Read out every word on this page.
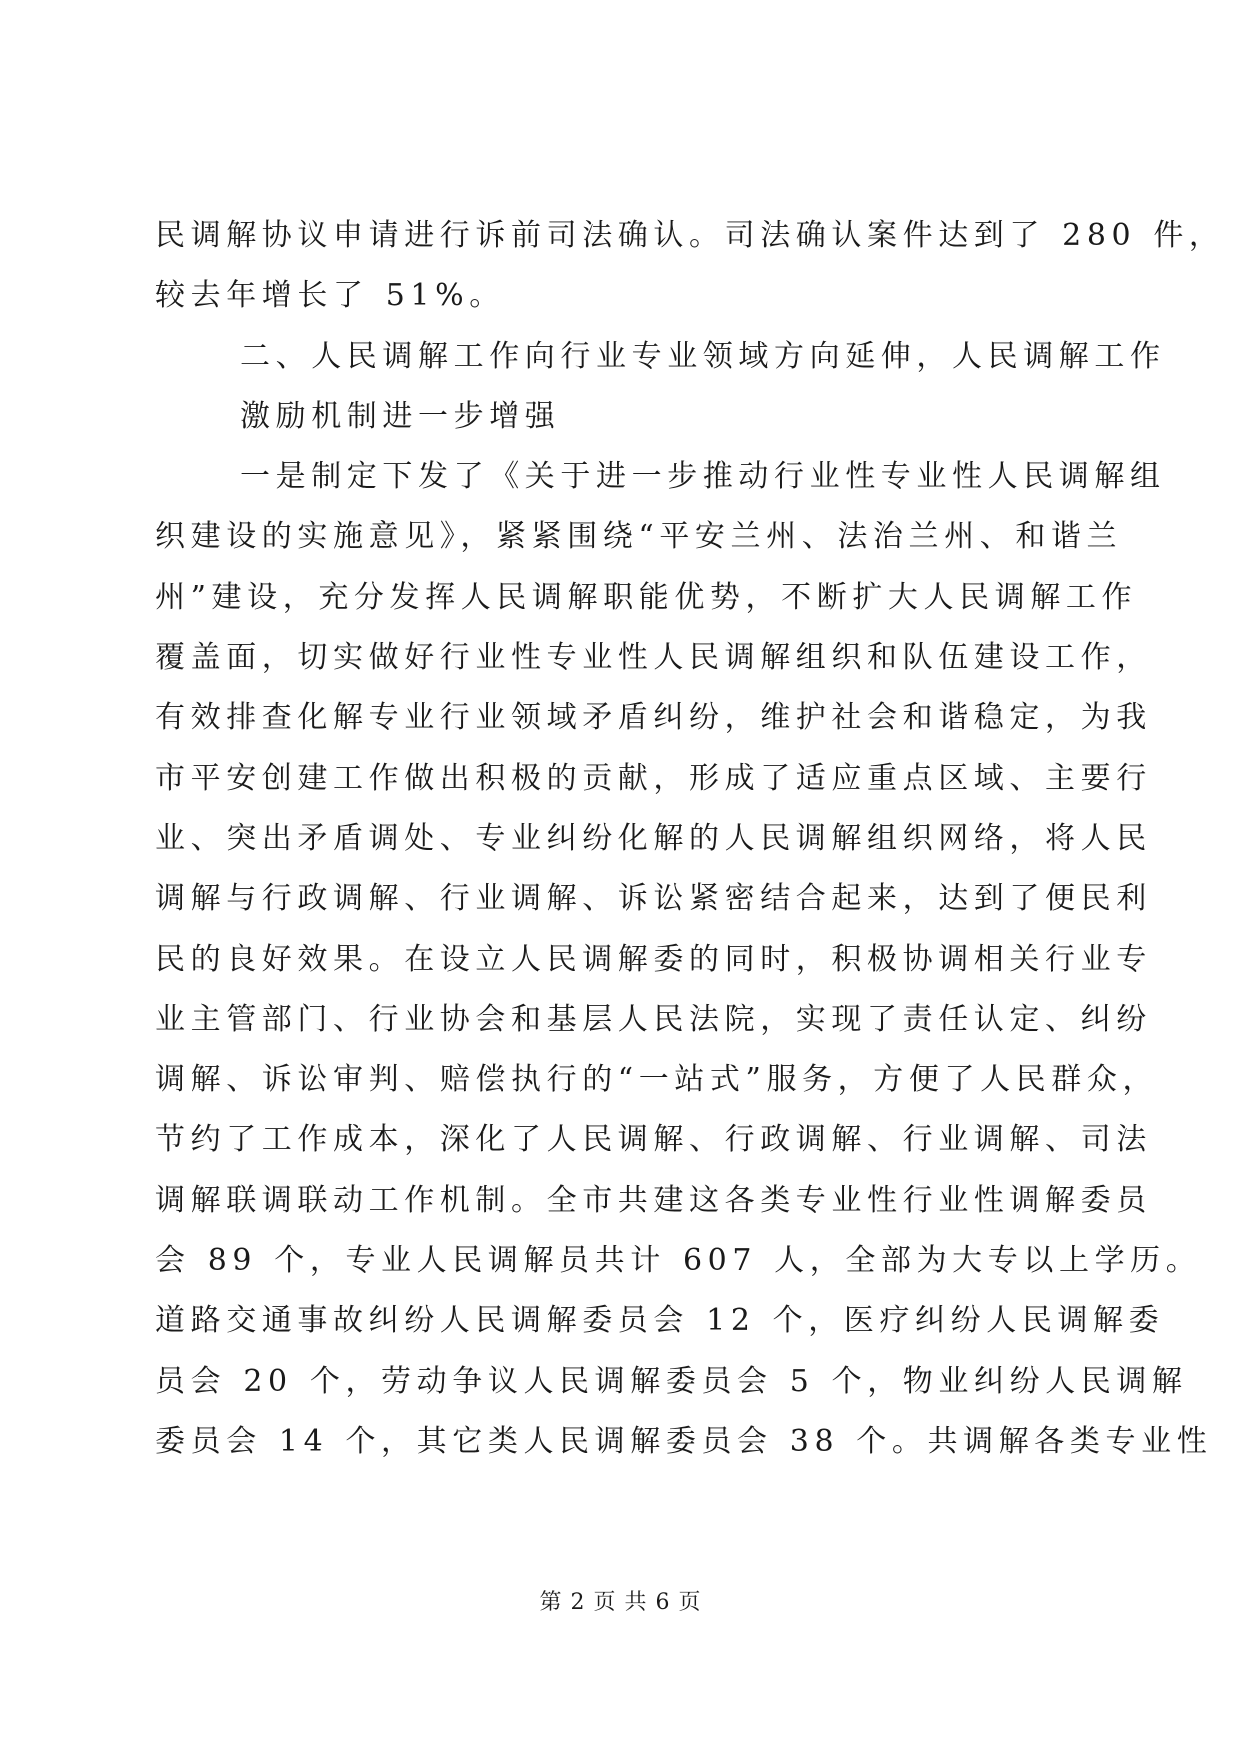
民调解协议申请进行诉前司法确认。司法确认案件达到了 280 件，
较去年增长了 51%。
二、人民调解工作向行业专业领域方向延伸，人民调解工作
激励机制进一步增强
一是制定下发了《关于进一步推动行业性专业性人民调解组
织建设的实施意见》，紧紧围绕“平安兰州、法治兰州、和谐兰
州”建设，充分发挥人民调解职能优势，不断扩大人民调解工作
覆盖面，切实做好行业性专业性人民调解组织和队伍建设工作，
有效排查化解专业行业领域矛盾纠纷，维护社会和谐稳定，为我
市平安创建工作做出积极的贡献，形成了适应重点区域、主要行
业、突出矛盾调处、专业纠纷化解的人民调解组织网络，将人民
调解与行政调解、行业调解、诉讼紧密结合起来，达到了便民利
民的良好效果。在设立人民调解委的同时，积极协调相关行业专
业主管部门、行业协会和基层人民法院，实现了责任认定、纠纷
调解、诉讼审判、赔偿执行的“一站式”服务，方便了人民群众，
节约了工作成本，深化了人民调解、行政调解、行业调解、司法
调解联调联动工作机制。全市共建这各类专业性行业性调解委员
会 89 个，专业人民调解员共计 607 人，全部为大专以上学历。
道路交通事故纠纷人民调解委员会 12 个，医疗纠纷人民调解委
员会 20 个，劳动争议人民调解委员会 5 个，物业纠纷人民调解
委员会 14 个，其它类人民调解委员会 38 个。共调解各类专业性
第 2 页 共 6 页
